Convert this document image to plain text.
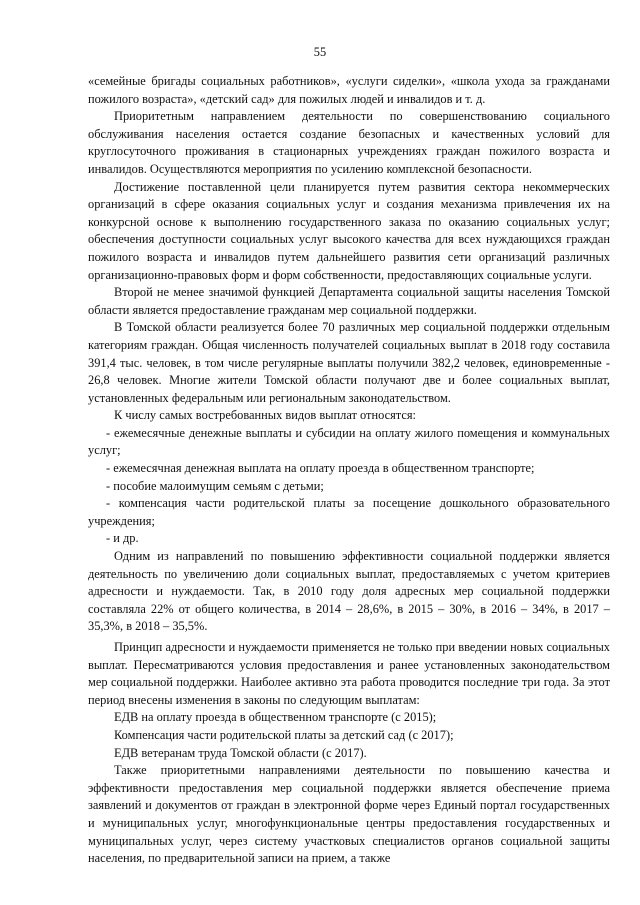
55

«семейные бригады социальных работников», «услуги сиделки», «школа ухода за гражданами пожилого возраста», «детский сад» для пожилых людей и инвалидов и т. д.

Приоритетным направлением деятельности по совершенствованию социального обслуживания населения остается создание безопасных и качественных условий для круглосуточного проживания в стационарных учреждениях граждан пожилого возраста и инвалидов. Осуществляются мероприятия по усилению комплексной безопасности.

Достижение поставленной цели планируется путем развития сектора некоммерческих организаций в сфере оказания социальных услуг и создания механизма привлечения их на конкурсной основе к выполнению государственного заказа по оказанию социальных услуг; обеспечения доступности социальных услуг высокого качества для всех нуждающихся граждан пожилого возраста и инвалидов путем дальнейшего развития сети организаций различных организационно-правовых форм и форм собственности, предоставляющих социальные услуги.

Второй не менее значимой функцией Департамента социальной защиты населения Томской области является предоставление гражданам мер социальной поддержки.

В Томской области реализуется более 70 различных мер социальной поддержки отдельным категориям граждан. Общая численность получателей социальных выплат в 2018 году составила 391,4 тыс. человек, в том числе регулярные выплаты получили 382,2 человек, единовременные - 26,8 человек. Многие жители Томской области получают две и более социальных выплат, установленных федеральным или региональным законодательством.

К числу самых востребованных видов выплат относятся:

- ежемесячные денежные выплаты и субсидии на оплату жилого помещения и коммунальных услуг;

- ежемесячная денежная выплата на оплату проезда в общественном транспорте;

- пособие малоимущим семьям с детьми;

- компенсация части родительской платы за посещение дошкольного образовательного учреждения;

- и др.

Одним из направлений по повышению эффективности социальной поддержки является деятельность по увеличению доли социальных выплат, предоставляемых с учетом критериев адресности и нуждаемости. Так, в 2010 году доля адресных мер социальной поддержки составляла 22% от общего количества, в 2014 – 28,6%, в 2015 – 30%, в 2016 – 34%, в 2017 – 35,3%, в 2018 – 35,5%.

Принцип адресности и нуждаемости применяется не только при введении новых социальных выплат. Пересматриваются условия предоставления и ранее установленных законодательством мер социальной поддержки. Наиболее активно эта работа проводится последние три года. За этот период внесены изменения в законы по следующим выплатам:

ЕДВ на оплату проезда в общественном транспорте (с 2015);

Компенсация части родительской платы за детский сад (с 2017);

ЕДВ ветеранам труда Томской области (с 2017).

Также приоритетными направлениями деятельности по повышению качества и эффективности предоставления мер социальной поддержки является обеспечение приема заявлений и документов от граждан в электронной форме через Единый портал государственных и муниципальных услуг, многофункциональные центры предоставления государственных и муниципальных услуг, через систему участковых специалистов органов социальной защиты населения, по предварительной записи на прием, а также
